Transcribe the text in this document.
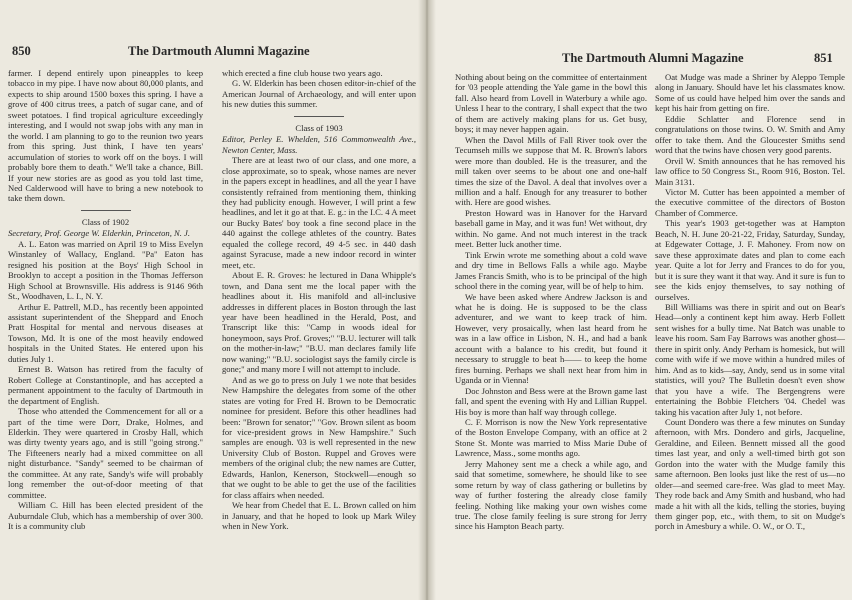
850	The Dartmouth Alumni Magazine

farmer. I depend entirely upon pineapples to keep tobacco in my pipe. I have now about 80,000 plants, and expects to ship around 1500 boxes this spring. I have a grove of 400 citrus trees, a patch of sugar cane, and of sweet potatoes. I find tropical agriculture exceedingly interesting, and I would not swap jobs with any man in the world. I am planning to go to the reunion two years from this spring. Just think, I have ten years' accumulation of stories to work off on the boys. I will probably bore them to death." We'll take a chance, Bill. If your new stories are as good as you told last time, Ned Calderwood will have to bring a new notebook to take them down.

Class of 1902

Secretary, Prof. George W. Elderkin, Princeton, N. J.

A. L. Eaton was married on April 19 to Miss Evelyn Winstanley of Wallacy, England. "Pa" Eaton has resigned his position at the Boys' High School in Brooklyn to accept a position in the Thomas Jefferson High School at Brownsville. His address is 9146 96th St., Woodhaven, L. I., N. Y.

Arthur E. Pattrell, M.D., has recently been appointed assistant superintendent of the Sheppard and Enoch Pratt Hospital for mental and nervous diseases at Towson, Md. It is one of the most heavily endowed hospitals in the United States. He entered upon his duties July 1.

Ernest B. Watson has retired from the faculty of Robert College at Constantinople, and has accepted a permanent appointment to the faculty of Dartmouth in the department of English.

Those who attended the Commencement for all or a part of the time were Dorr, Drake, Holmes, and Elderkin. They were quartered in Crosby Hall, which was dirty twenty years ago, and is still "going strong." The Fifteeners nearly had a mixed committee on all night disturbance. "Sandy" seemed to be chairman of the committee. At any rate, Sandy's wife will probably long remember the out-of-door meeting of that committee.

William C. Hill has been elected president of the Auburndale Club, which has a membership of over 300. It is a community club

which erected a fine club house two years ago.

G. W. Elderkin has been chosen editor-in-chief of the American Journal of Archaeology, and will enter upon his new duties this summer.

Class of 1903

Editor, Perley E. Whelden, 516 Commonwealth Ave., Newton Center, Mass.

There are at least two of our class, and one more, a close approximate, so to speak, whose names are never in the papers except in headlines, and all the year I have consistently refrained from mentioning them, thinking they had publicity enough. However, I will print a few headlines, and let it go at that. E. g.: in the I.C. 4 A meet our Bucky Bates' boy took a fine second place in the 440 against the college athletes of the country. Bates equaled the college record, 49 4-5 sec. in 440 dash against Syracuse, made a new indoor record in winter meet, etc.

About E. R. Groves: he lectured in Dana Whipple's town, and Dana sent me the local paper with the headlines about it. His manifold and all-inclusive addresses in different places in Boston through the last year have been headlined in the Herald, Post, and Transcript like this: "Camp in woods ideal for honeymoon, says Prof. Groves;" "B.U. lecturer will talk on the mother-in-law;" "B.U. man declares family life now waning;" "B.U. sociologist says the family circle is gone;" and many more I will not attempt to include.

And as we go to press on July 1 we note that besides New Hampshire the delegates from some of the other states are voting for Fred H. Brown to be Democratic nominee for president. Before this other headlines had been: "Brown for senator;" "Gov. Brown silent as boom for vice-president grows in New Hampshire." Such samples are enough. '03 is well represented in the new University Club of Boston. Ruppel and Groves were members of the original club; the new names are Cutter, Edwards, Hanlon, Kenerson, Stockwell—enough so that we ought to be able to get the use of the facilities for class affairs when needed.

We hear from Chedel that E. L. Brown called on him in January, and that he hoped to look up Mark Wiley when in New York.

The Dartmouth Alumni Magazine	851

Nothing about being on the committee of entertainment for '03 people attending the Yale game in the bowl this fall. Also heard from Lovell in Waterbury a while ago. Unless I hear to the contrary, I shall expect that the two of them are actively making plans for us. Get busy, boys; it may never happen again.

When the Davol Mills of Fall River took over the Tecumseh mills we suppose that M. R. Brown's labors were more than doubled. He is the treasurer, and the mill taken over seems to be about one and one-half times the size of the Davol. A deal that involves over a million and a half. Enough for any treasurer to bother with. Here are good wishes.

Preston Howard was in Hanover for the Harvard baseball game in May, and it was fun! Wet without, dry within. No game. And not much interest in the track meet. Better luck another time.

Tink Erwin wrote me something about a cold wave and dry time in Bellows Falls a while ago. Maybe James Francis Smith, who is to be principal of the high school there in the coming year, will be of help to him.

We have been asked where Andrew Jackson is and what he is doing. He is supposed to be the class adventurer, and we want to keep track of him. However, very prosaically, when last heard from he was in a law office in Lisbon, N. H., and had a bank account with a balance to his credit, but found it necessary to struggle to beat h—— to keep the home fires burning. Perhaps we shall next hear from him in Uganda or in Vienna!

Doc Johnston and Bess were at the Brown game last fall, and spent the evening with Hy and Lillian Ruppel. His boy is more than half way through college.

C. F. Morrison is now the New York representative of the Boston Envelope Company, with an office at 2 Stone St. Monte was married to Miss Marie Dube of Lawrence, Mass., some months ago.

Jerry Mahoney sent me a check a while ago, and said that sometime, somewhere, he should like to see some return by way of class gathering or bulletins by way of further fostering the already close family feeling. Nothing like making your own wishes come true. The close family feeling is sure strong for Jerry since his Hampton Beach party.

Oat Mudge was made a Shriner by Aleppo Temple along in January. Should have let his classmates know. Some of us could have helped him over the sands and kept his hair from getting on fire.

Eddie Schlatter and Florence send in congratulations on those twins. O. W. Smith and Amy offer to take them. And the Gloucester Smiths send word that the twins have chosen very good parents.

Orvil W. Smith announces that he has removed his law office to 50 Congress St., Room 916, Boston. Tel. Main 3131.

Victor M. Cutter has been appointed a member of the executive committee of the directors of Boston Chamber of Commerce.

This year's 1903 get-together was at Hampton Beach, N. H. June 20-21-22, Friday, Saturday, Sunday, at Edgewater Cottage, J. F. Mahoney. From now on save these approximate dates and plan to come each year. Quite a lot for Jerry and Frances to do for you, but it is sure they want it that way. And it sure is fun to see the kids enjoy themselves, to say nothing of ourselves.

Bill Williams was there in spirit and out on Bear's Head—only a continent kept him away. Herb Follett sent wishes for a bully time. Nat Batch was unable to leave his room. Sam Fay Barrows was another ghost—there in spirit only. Andy Perham is homesick, but will come with wife if we move within a hundred miles of him. And as to kids—say, Andy, send us in some vital statistics, will you? The Bulletin doesn't even show that you have a wife. The Bergengrens were entertaining the Bobbie Fletchers '04. Chedel was taking his vacation after July 1, not before.

Count Dondero was there a few minutes on Sunday afternoon, with Mrs. Dondero and girls, Jacqueline, Geraldine, and Eileen. Bennett missed all the good times last year, and only a well-timed birth got son Gordon into the water with the Mudge family this same afternoon. Ben looks just like the rest of us—no older—and seemed care-free. Was glad to meet May. They rode back and Amy Smith and husband, who had made a hit with all the kids, telling the stories, buying them ginger pop, etc., with them, to sit on Mudge's porch in Amesbury a while. O. W., or O. T.,
